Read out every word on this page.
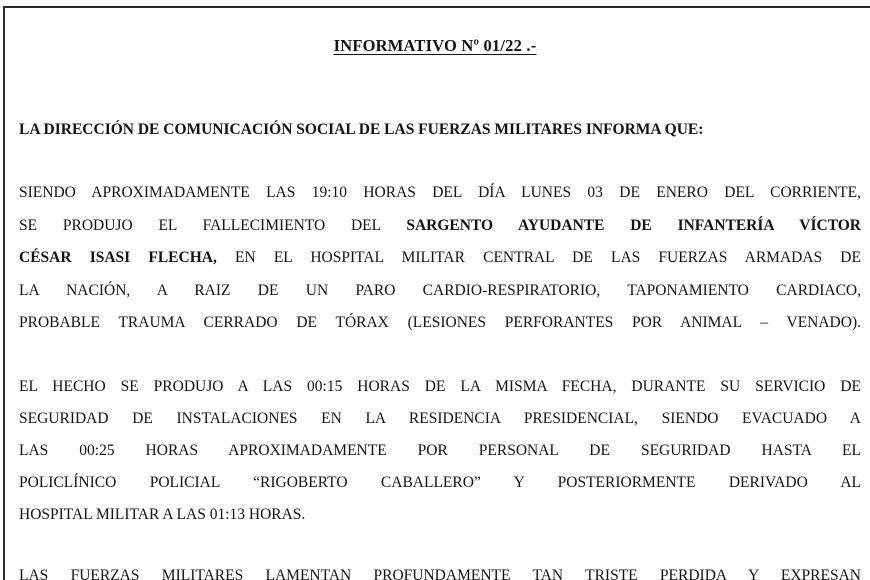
INFORMATIVO Nº 01/22 .-
LA DIRECCIÓN DE COMUNICACIÓN SOCIAL DE LAS FUERZAS MILITARES INFORMA QUE:
SIENDO APROXIMADAMENTE LAS 19:10 HORAS DEL DÍA LUNES 03 DE ENERO DEL CORRIENTE,
SE PRODUJO EL FALLECIMIENTO DEL SARGENTO AYUDANTE DE INFANTERÍA VÍCTOR
CÉSAR ISASI FLECHA, EN EL HOSPITAL MILITAR CENTRAL DE LAS FUERZAS ARMADAS DE
LA NACIÓN, A RAIZ DE UN PARO CARDIO-RESPIRATORIO, TAPONAMIENTO CARDIACO,
PROBABLE TRAUMA CERRADO DE TÓRAX (LESIONES PERFORANTES POR ANIMAL – VENADO).
EL HECHO SE PRODUJO A LAS 00:15 HORAS DE LA MISMA FECHA, DURANTE SU SERVICIO DE
SEGURIDAD DE INSTALACIONES EN LA RESIDENCIA PRESIDENCIAL, SIENDO EVACUADO A
LAS 00:25 HORAS APROXIMADAMENTE POR PERSONAL DE SEGURIDAD HASTA EL
POLICLÍNICO POLICIAL “RIGOBERTO CABALLERO” Y POSTERIORMENTE DERIVADO AL
HOSPITAL MILITAR A LAS 01:13 HORAS.
LAS FUERZAS MILITARES LAMENTAN PROFUNDAMENTE TAN TRISTE PERDIDA Y EXPRESAN
